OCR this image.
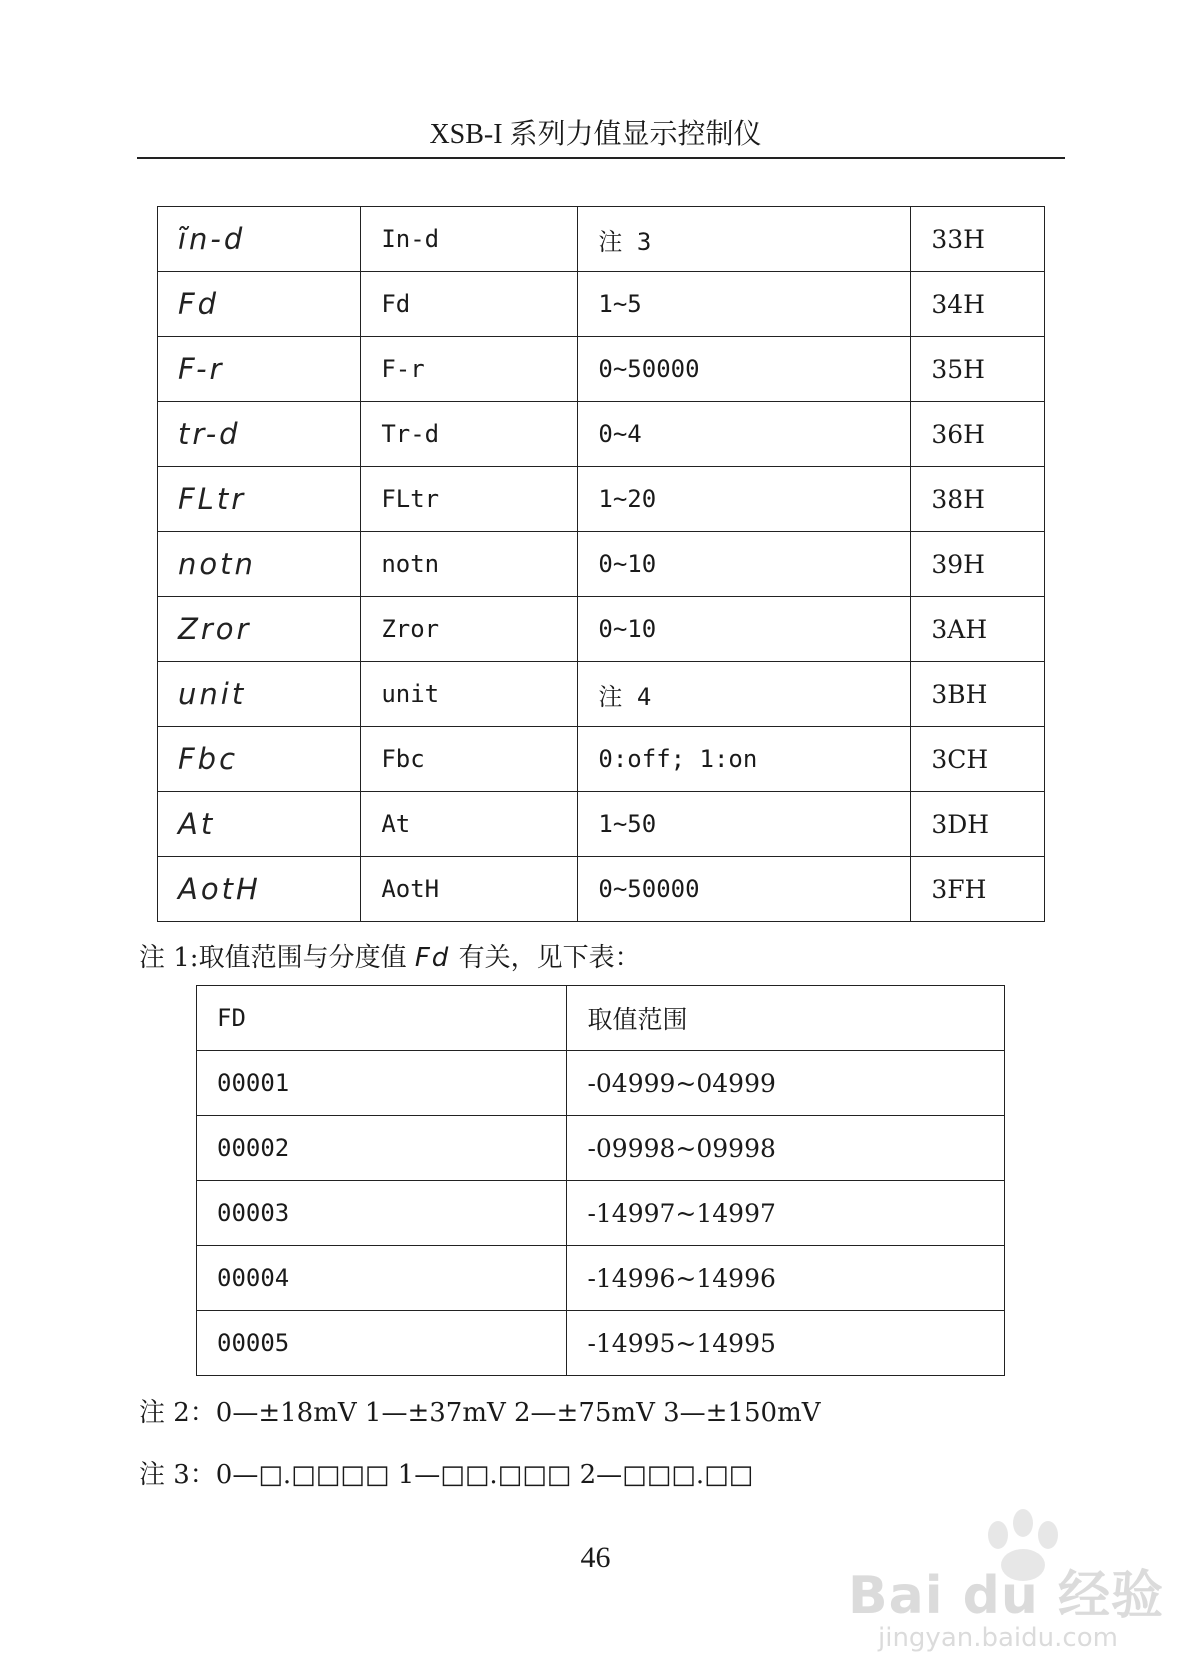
XSB-I 系列力值显示控制仪
ĩn-d	In-d	注 3	33H
Fd	Fd	1~5	34H
F-r	F-r	0~50000	35H
tr-d	Tr-d	0~4	36H
FLtr	FLtr	1~20	38H
notn	notn	0~10	39H
Zror	Zror	0~10	3AH
unit	unit	注 4	3BH
Fbc	Fbc	0:off; 1:on	3CH
At	At	1~50	3DH
AotH	AotH	0~50000	3FH
注 1:取值范围与分度值 Fd 有关，见下表：
FD	取值范围
00001	-04999~04999
00002	-09998~09998
00003	-14997~14997
00004	-14996~14996
00005	-14995~14995
注 2：0—±18mV 1—±37mV 2—±75mV 3—±150mV
注 3：0—□.□□□□ 1—□□.□□□ 2—□□□.□□
46
Bai du 经验
jingyan.baidu.com
